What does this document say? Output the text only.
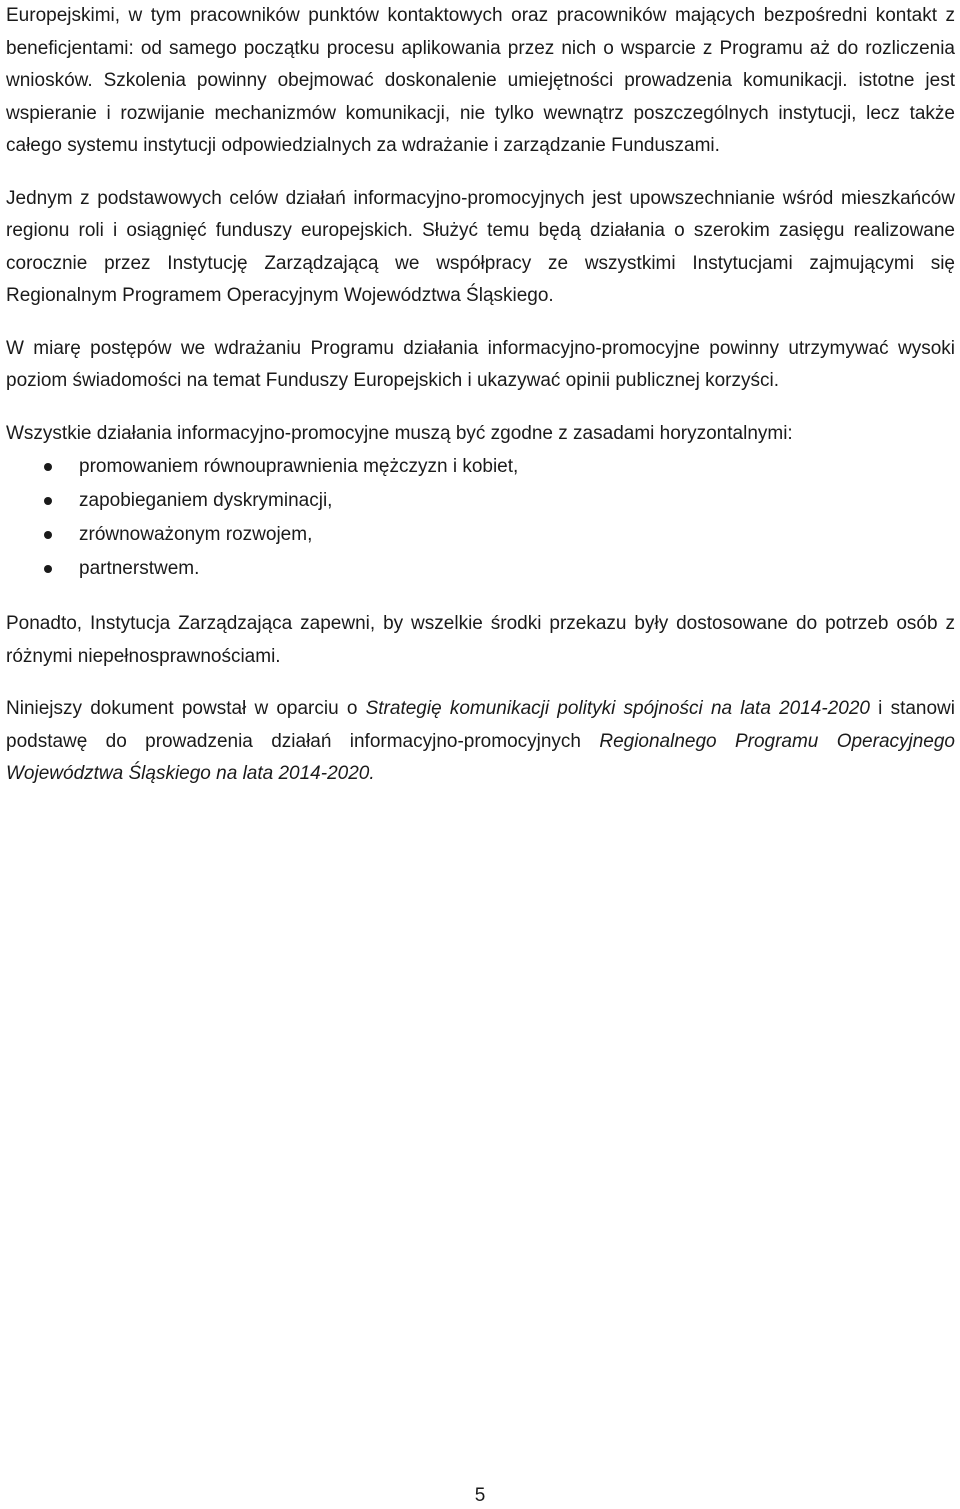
Europejskimi, w tym pracowników punktów kontaktowych oraz pracowników mających bezpośredni kontakt z beneficjentami: od samego początku procesu aplikowania przez nich o wsparcie z Programu aż do rozliczenia wniosków. Szkolenia powinny obejmować doskonalenie umiejętności prowadzenia komunikacji. istotne jest wspieranie i rozwijanie mechanizmów komunikacji, nie tylko wewnątrz poszczególnych instytucji, lecz także całego systemu instytucji odpowiedzialnych za wdrażanie i zarządzanie Funduszami.

Jednym z podstawowych celów działań informacyjno-promocyjnych jest upowszechnianie wśród mieszkańców regionu roli i osiągnięć funduszy europejskich. Służyć temu będą działania o szerokim zasięgu realizowane corocznie przez Instytucję Zarządzającą we współpracy ze wszystkimi Instytucjami zajmującymi się Regionalnym Programem Operacyjnym Województwa Śląskiego.

W miarę postępów we wdrażaniu Programu działania informacyjno-promocyjne powinny utrzymywać wysoki poziom świadomości na temat Funduszy Europejskich i ukazywać opinii publicznej korzyści.

Wszystkie działania informacyjno-promocyjne muszą być zgodne z zasadami horyzontalnymi:

promowaniem równouprawnienia mężczyzn i kobiet,
zapobieganiem dyskryminacji,
zrównoważonym rozwojem,
partnerstwem.

Ponadto, Instytucja Zarządzająca zapewni, by wszelkie środki przekazu były dostosowane do potrzeb osób z różnymi niepełnosprawnościami.

Niniejszy dokument powstał w oparciu o Strategię komunikacji polityki spójności na lata 2014-2020 i stanowi podstawę do prowadzenia działań informacyjno-promocyjnych Regionalnego Programu Operacyjnego Województwa Śląskiego na lata 2014-2020.

5
